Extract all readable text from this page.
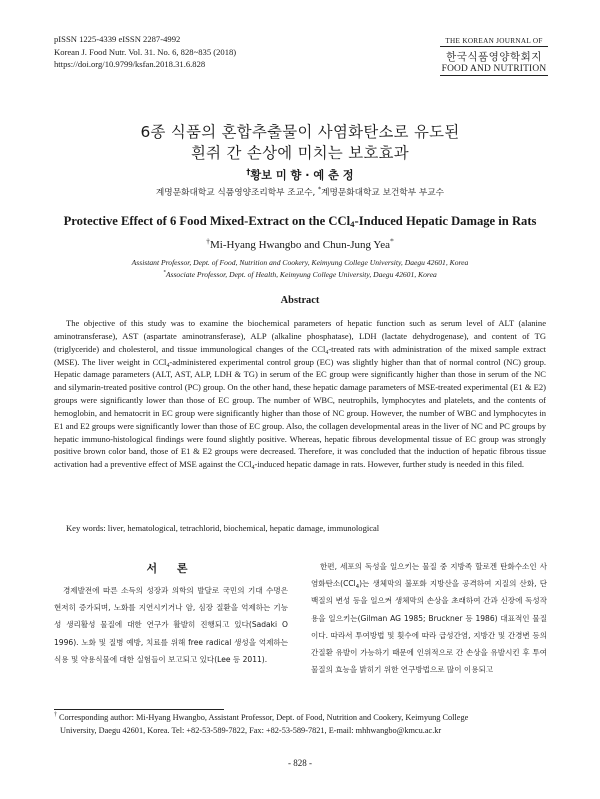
pISSN 1225-4339 eISSN 2287-4992
Korean J. Food Nutr. Vol. 31. No. 6, 828~835 (2018)
https://doi.org/10.9799/ksfan.2018.31.6.828
THE KOREAN JOURNAL OF
한국식품영양학회지
FOOD AND NUTRITION
6종 식품의 혼합추출물이 사염화탄소로 유도된
흰쥐 간 손상에 미치는 보호효과
†황보 미 향 · 예 춘 정
계명문화대학교 식품영양조리학부 조교수, *계명문화대학교 보건학부 부교수
Protective Effect of 6 Food Mixed-Extract on the CCl$_4$-Induced Hepatic Damage in Rats
†Mi-Hyang Hwangbo and Chun-Jung Yea*
Assistant Professor, Dept. of Food, Nutrition and Cookery, Keimyung College University, Daegu 42601, Korea
*Associate Professor, Dept. of Health, Keimyung College University, Daegu 42601, Korea
Abstract

The objective of this study was to examine the biochemical parameters of hepatic function such as serum level of ALT (alanine aminotransferase), AST (aspartate aminotransferase), ALP (alkaline phosphatase), LDH (lactate dehydrogenase), and content of TG (triglyceride) and cholesterol, and tissue immunological changes of the CCl$_4$-treated rats with administration of the mixed sample extract (MSE). The liver weight in CCl$_4$-administered experimental control group (EC) was slightly higher than that of normal control (NC) group. Hepatic damage parameters (ALT, AST, ALP, LDH & TG) in serum of the EC group were significantly higher than those in serum of the NC and silymarin-treated positive control (PC) group. On the other hand, these hepatic damage parameters of MSE-treated experimental (E1 & E2) groups were significantly lower than those of EC group. The number of WBC, neutrophils, lymphocytes and platelets, and the contents of hemoglobin, and hematocrit in EC group were significantly higher than those of NC group. However, the number of WBC and lymphocytes in E1 and E2 groups were significantly lower than those of EC group. Also, the collagen developmental areas in the liver of NC and PC groups by hepatic immuno-histological findings were found slightly positive. Whereas, hepatic fibrous developmental tissue of EC group was strongly positive brown color band, those of E1 & E2 groups were decreased. Therefore, it was concluded that the induction of hepatic fibrous tissue activation had a preventive effect of MSE against the CCl$_4$-induced hepatic damage in rats. However, further study is needed in this filed.

Key words: liver, hematological, tetrachlorid, biochemical, hepatic damage, immunological
서 론

경제발전에 따른 소득의 성장과 의학의 발달로 국민의 기대 수명은 현저히 증가되며, 노화를 지연시키거나 암, 심장 질환을 억제하는 기능성 생리활성 물질에 대한 연구가 활발히 진행되고 있다(Sadaki O 1996). 노화 및 질병 예방, 치료를 위해 free radical 생성을 억제하는 식용 및 약용식물에 대한 실험들이 보고되고 있다(Lee 등 2011).

한편, 세포의 독성을 일으키는 물질 중 지방족 할로겐 탄화수소인 사염화탄소(CCl$_4$)는 생체막의 불포화 지방산을 공격하여 지질의 산화, 단백질의 변성 등을 일으켜 생체막의 손상을 초래하여 간과 신장에 독성작용을 일으키는(Gilman AG 1985; Bruckner 등 1986) 대표적인 물질이다. 따라서 투여방법 및 횟수에 따라 급성간염, 지방간 및 간경변 등의 간질환 유발이 가능하기 때문에 인위적으로 간 손상을 유발시킨 후 투여 물질의 효능을 밝히기 위한 연구방법으로 많이 이용되고

† Corresponding author: Mi-Hyang Hwangbo, Assistant Professor, Dept. of Food, Nutrition and Cookery, Keimyung College
University, Daegu 42601, Korea. Tel: +82-53-589-7822, Fax: +82-53-589-7821, E-mail: mhhwangbo@kmcu.ac.kr
- 828 -
